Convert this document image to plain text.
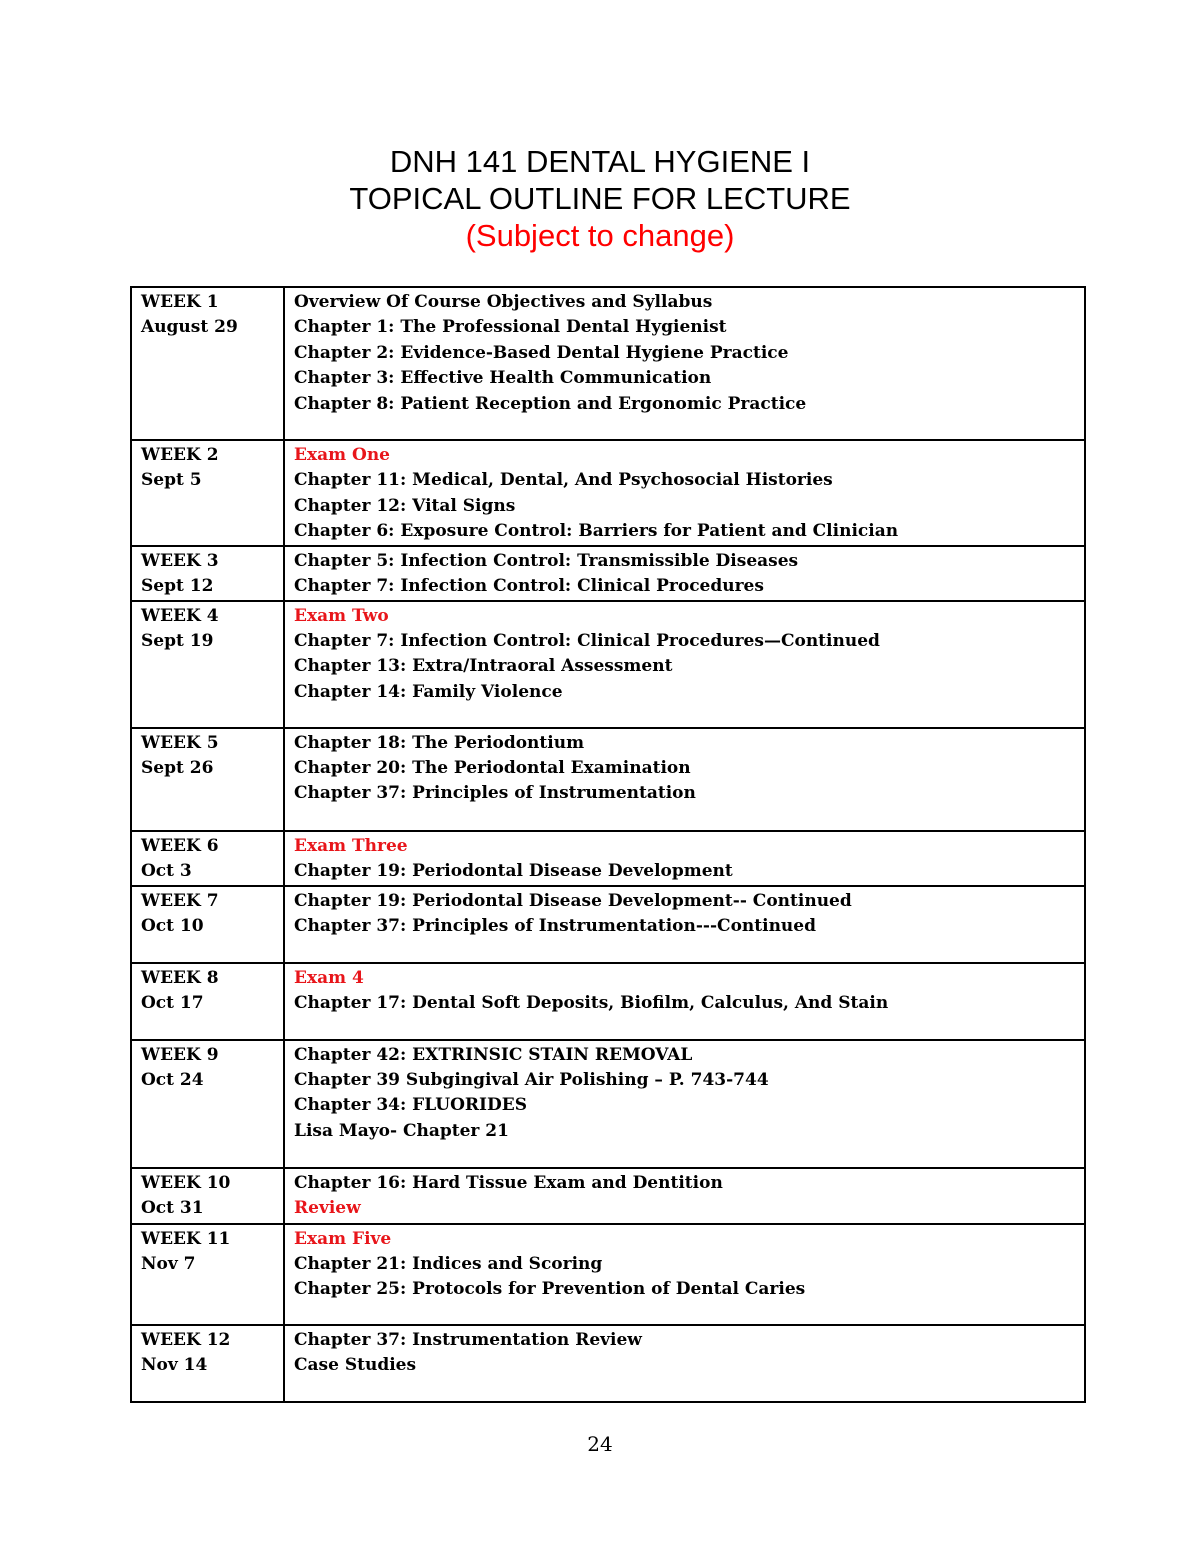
DNH 141 DENTAL HYGIENE I
TOPICAL OUTLINE FOR LECTURE
(Subject to change)
WEEK 1
August 29	Overview Of Course Objectives and Syllabus
Chapter 1: The Professional Dental Hygienist
Chapter 2: Evidence-Based Dental Hygiene Practice
Chapter 3: Effective Health Communication
Chapter 8: Patient Reception and Ergonomic Practice

WEEK 2
Sept 5	Exam One
Chapter 11: Medical, Dental, And Psychosocial Histories
Chapter 12: Vital Signs
Chapter 6: Exposure Control: Barriers for Patient and Clinician

WEEK 3
Sept 12	Chapter 5: Infection Control: Transmissible Diseases
Chapter 7: Infection Control: Clinical Procedures

WEEK 4
Sept 19	Exam Two
Chapter 7: Infection Control: Clinical Procedures—Continued
Chapter 13: Extra/Intraoral Assessment
Chapter 14: Family Violence

WEEK 5
Sept 26	Chapter 18: The Periodontium
Chapter 20: The Periodontal Examination
Chapter 37: Principles of Instrumentation

WEEK 6
Oct 3	Exam Three
Chapter 19: Periodontal Disease Development

WEEK 7
Oct 10	Chapter 19: Periodontal Disease Development-- Continued
Chapter 37: Principles of Instrumentation---Continued

WEEK 8
Oct 17	Exam 4
Chapter 17: Dental Soft Deposits, Biofilm, Calculus, And Stain

WEEK 9
Oct 24	Chapter 42: EXTRINSIC STAIN REMOVAL
Chapter 39 Subgingival Air Polishing – P. 743-744
Chapter 34: FLUORIDES
Lisa Mayo- Chapter 21

WEEK 10
Oct 31	Chapter 16: Hard Tissue Exam and Dentition
Review

WEEK 11
Nov 7	Exam Five
Chapter 21: Indices and Scoring
Chapter 25: Protocols for Prevention of Dental Caries

WEEK 12
Nov 14	Chapter 37: Instrumentation Review
Case Studies
24
